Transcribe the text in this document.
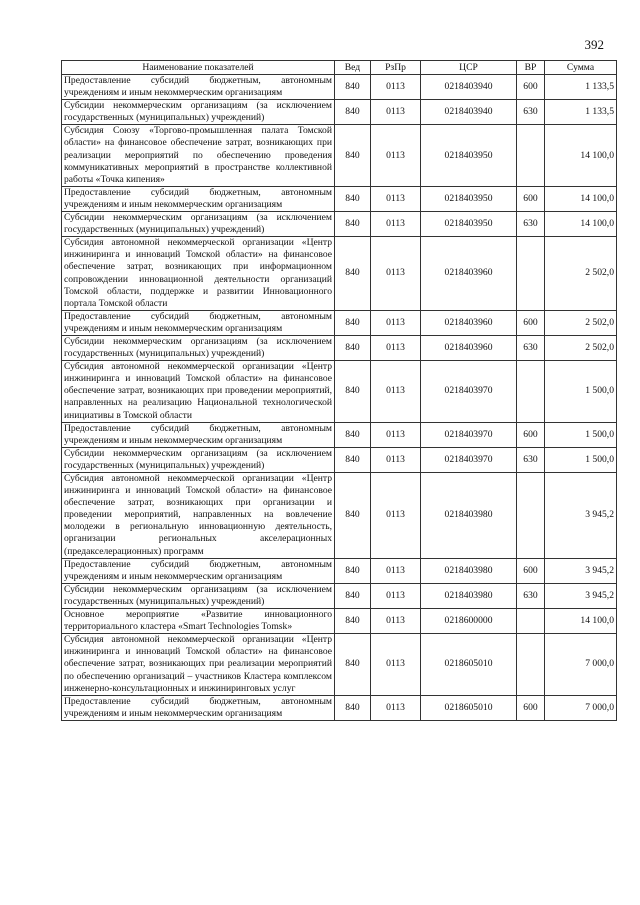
392
Наименование показателей	Вед	РзПр	ЦСР	ВР	Сумма
Предоставление субсидий бюджетным, автономным учреждениям и иным некоммерческим организациям	840	0113	0218403940	600	1 133,5
Субсидии некоммерческим организациям (за исключением государственных (муниципальных) учреждений)	840	0113	0218403940	630	1 133,5
Субсидия Союзу «Торгово-промышленная палата Томской области» на финансовое обеспечение затрат, возникающих при реализации мероприятий по обеспечению проведения коммуникативных мероприятий в пространстве коллективной работы «Точка кипения»	840	0113	0218403950		14 100,0
Предоставление субсидий бюджетным, автономным учреждениям и иным некоммерческим организациям	840	0113	0218403950	600	14 100,0
Субсидии некоммерческим организациям (за исключением государственных (муниципальных) учреждений)	840	0113	0218403950	630	14 100,0
Субсидия автономной некоммерческой организации «Центр инжиниринга и инноваций Томской области» на финансовое обеспечение затрат, возникающих при информационном сопровождении инновационной деятельности организаций Томской области, поддержке и развитии Инновационного портала Томской области	840	0113	0218403960		2 502,0
Предоставление субсидий бюджетным, автономным учреждениям и иным некоммерческим организациям	840	0113	0218403960	600	2 502,0
Субсидии некоммерческим организациям (за исключением государственных (муниципальных) учреждений)	840	0113	0218403960	630	2 502,0
Субсидия автономной некоммерческой организации «Центр инжиниринга и инноваций Томской области» на финансовое обеспечение затрат, возникающих при проведении мероприятий, направленных на реализацию Национальной технологической инициативы в Томской области	840	0113	0218403970		1 500,0
Предоставление субсидий бюджетным, автономным учреждениям и иным некоммерческим организациям	840	0113	0218403970	600	1 500,0
Субсидии некоммерческим организациям (за исключением государственных (муниципальных) учреждений)	840	0113	0218403970	630	1 500,0
Субсидия автономной некоммерческой организации «Центр инжиниринга и инноваций Томской области» на финансовое обеспечение затрат, возникающих при организации и проведении мероприятий, направленных на вовлечение молодежи в региональную инновационную деятельность, организации региональных акселерационных (предакселерационных) программ	840	0113	0218403980		3 945,2
Предоставление субсидий бюджетным, автономным учреждениям и иным некоммерческим организациям	840	0113	0218403980	600	3 945,2
Субсидии некоммерческим организациям (за исключением государственных (муниципальных) учреждений)	840	0113	0218403980	630	3 945,2
Основное мероприятие «Развитие инновационного территориального кластера «Smart Technologies Tomsk»	840	0113	0218600000		14 100,0
Субсидия автономной некоммерческой организации «Центр инжиниринга и инноваций Томской области» на финансовое обеспечение затрат, возникающих при реализации мероприятий по обеспечению организаций – участников Кластера комплексом инженерно-консультационных и инжиниринговых услуг	840	0113	0218605010		7 000,0
Предоставление субсидий бюджетным, автономным учреждениям и иным некоммерческим организациям	840	0113	0218605010	600	7 000,0
